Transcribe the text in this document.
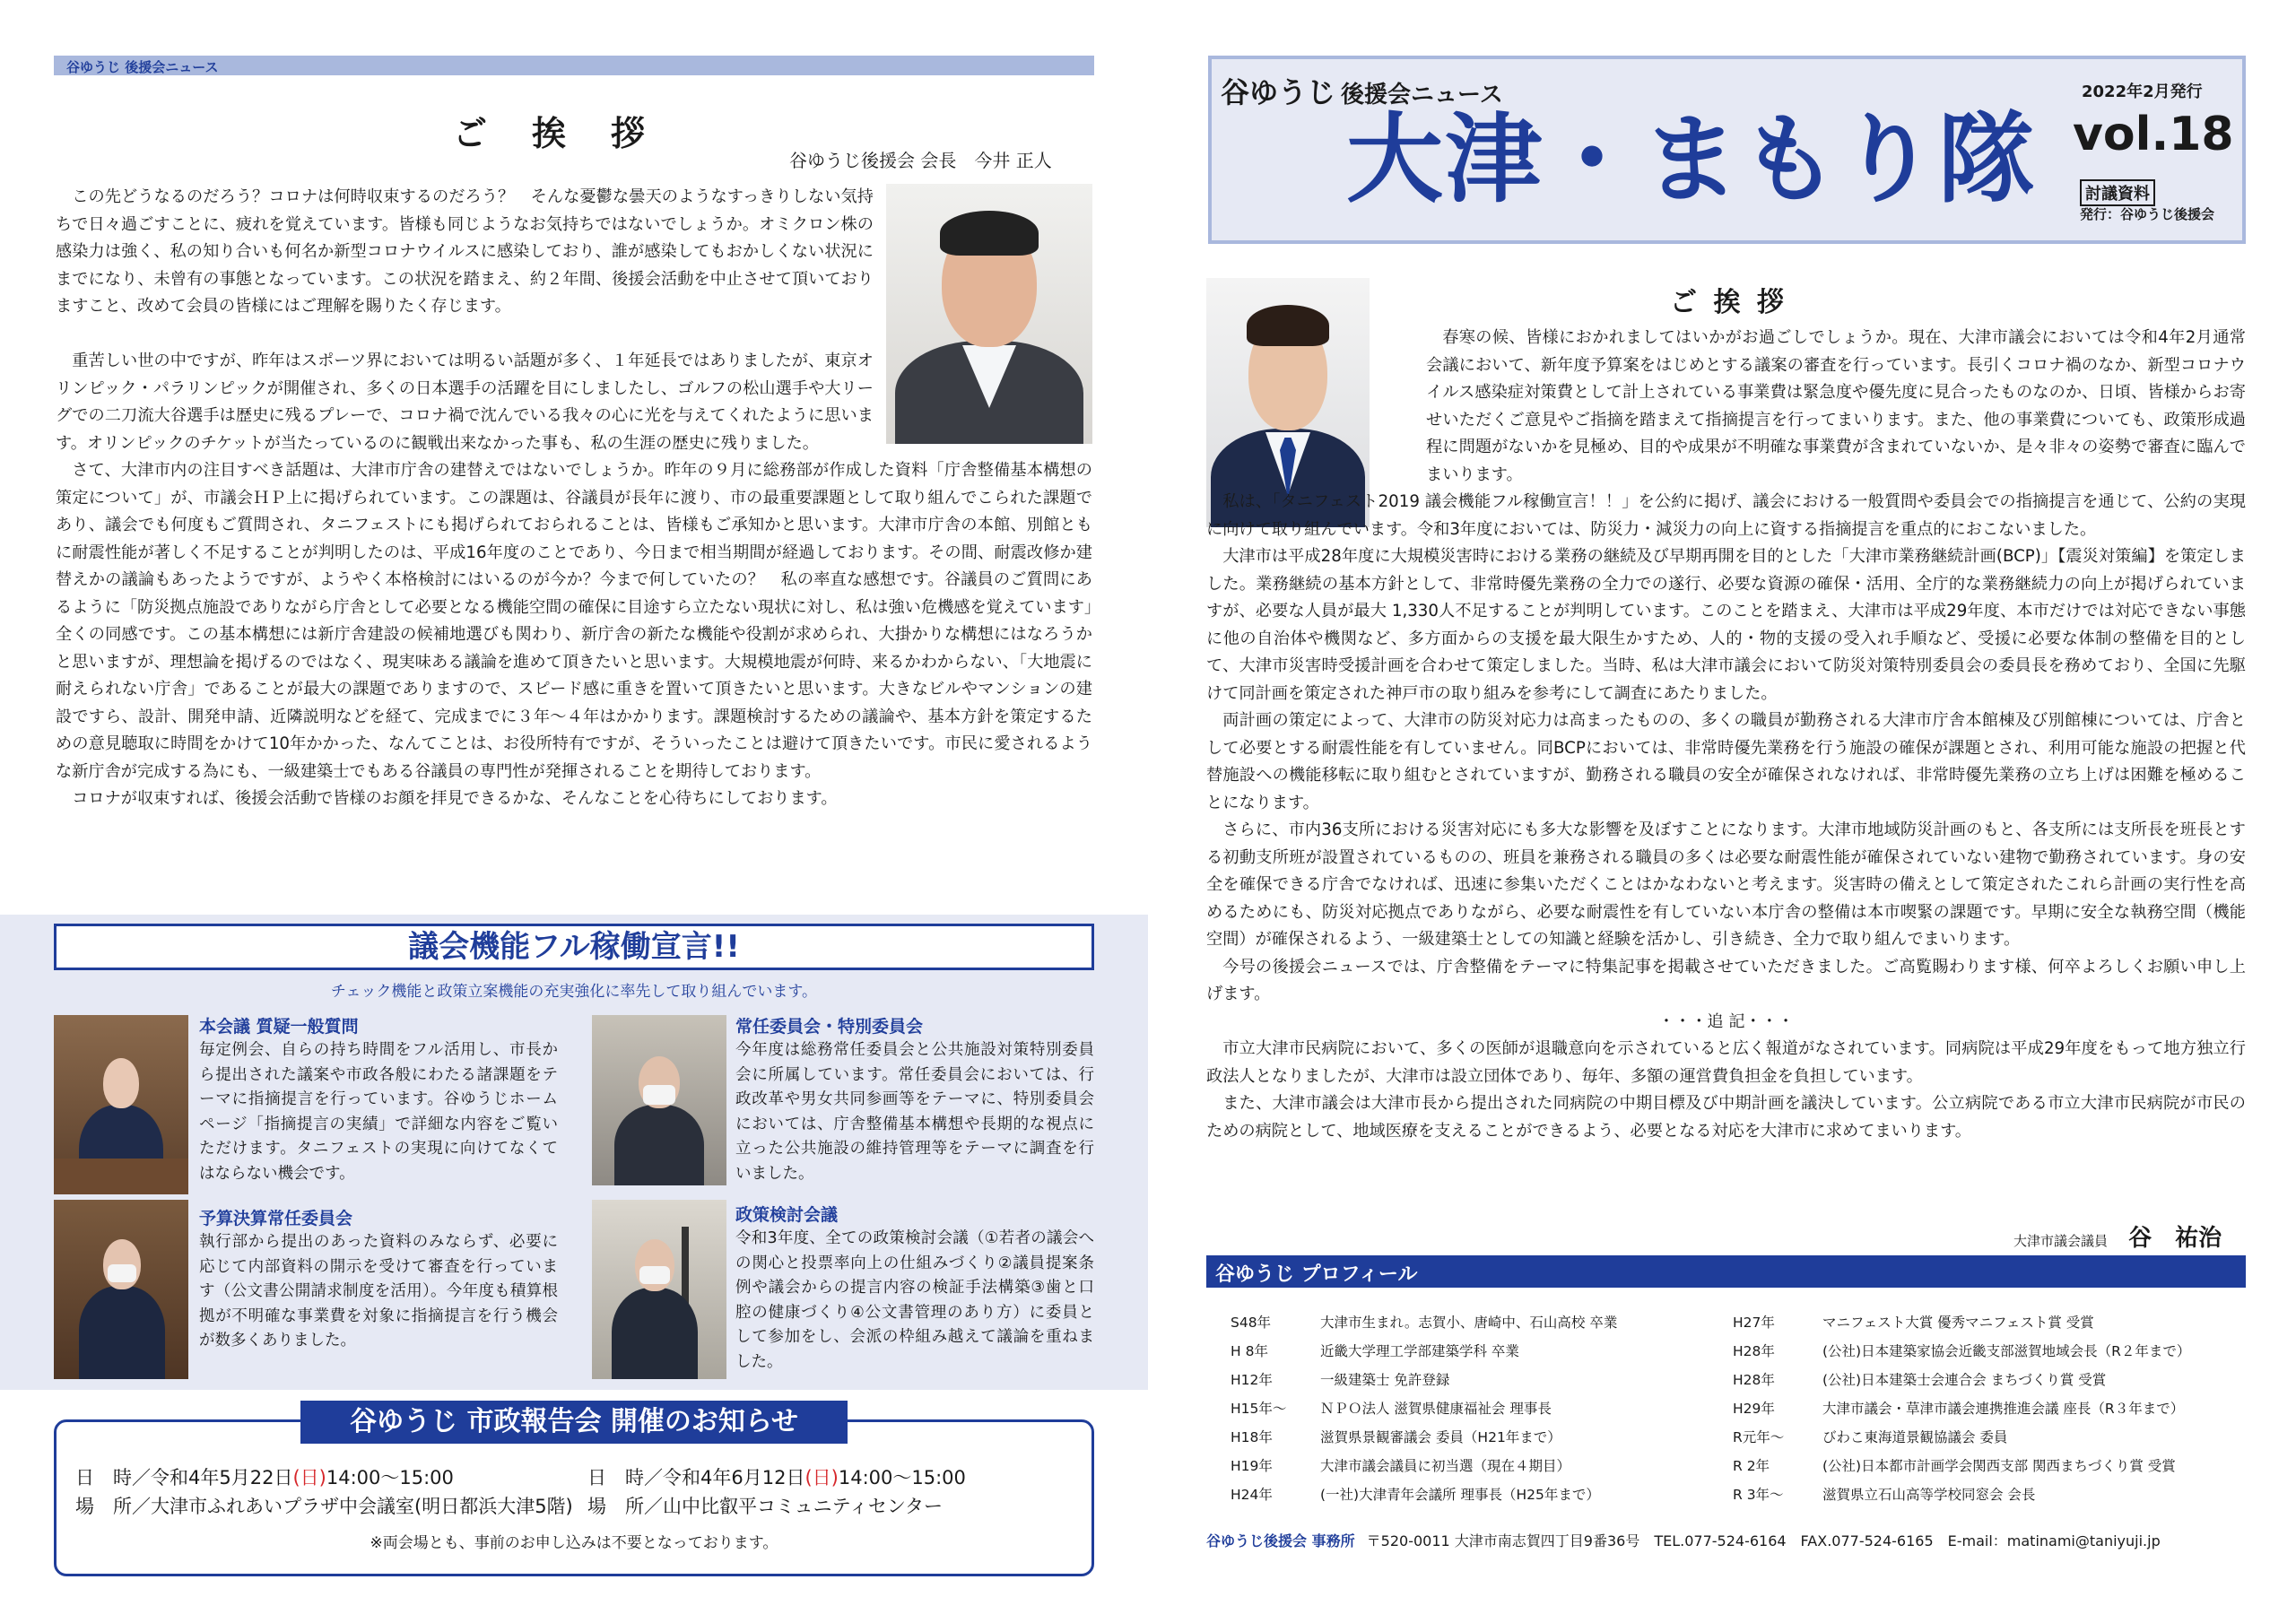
谷ゆうじ 後援会ニュース
ご　挨　拶
谷ゆうじ後援会 会長　今井 正人

この先どうなるのだろう？コロナは何時収束するのだろう？　そんな憂鬱な曇天のようなすっきりしない気持ちで日々過ごすことに、疲れを覚えています。皆様も同じようなお気持ちではないでしょうか。オミクロン株の感染力は強く、私の知り合いも何名か新型コロナウイルスに感染しており、誰が感染してもおかしくない状況にまでになり、未曾有の事態となっています。この状況を踏まえ、約２年間、後援会活動を中止させて頂いておりますこと、改めて会員の皆様にはご理解を賜りたく存じます。

重苦しい世の中ですが、昨年はスポーツ界においては明るい話題が多く、１年延長ではありましたが、東京オリンピック・パラリンピックが開催され、多くの日本選手の活躍を目にしましたし、ゴルフの松山選手や大リーグでの二刀流大谷選手は歴史に残るプレーで、コロナ禍で沈んでいる我々の心に光を与えてくれたように思います。オリンピックのチケットが当たっているのに観戦出来なかった事も、私の生涯の歴史に残りました。

さて、大津市内の注目すべき話題は、大津市庁舎の建替えではないでしょうか。昨年の９月に総務部が作成した資料「庁舎整備基本構想の策定について」が、市議会ＨＰ上に掲げられています。この課題は、谷議員が長年に渡り、市の最重要課題として取り組んでこられた課題であり、議会でも何度もご質問され、タニフェストにも掲げられておられることは、皆様もご承知かと思います。大津市庁舎の本館、別館ともに耐震性能が著しく不足することが判明したのは、平成16年度のことであり、今日まで相当期間が経過しております。その間、耐震改修か建替えかの議論もあったようですが、ようやく本格検討にはいるのが今か？今まで何していたの？　私の率直な感想です。谷議員のご質問にあるように「防災拠点施設でありながら庁舎として必要となる機能空間の確保に目途すら立たない現状に対し、私は強い危機感を覚えています」全くの同感です。この基本構想には新庁舎建設の候補地選びも関わり、新庁舎の新たな機能や役割が求められ、大掛かりな構想にはなろうかと思いますが、理想論を掲げるのではなく、現実味ある議論を進めて頂きたいと思います。大規模地震が何時、来るかわからない、「大地震に耐えられない庁舎」であることが最大の課題でありますので、スピード感に重きを置いて頂きたいと思います。大きなビルやマンションの建設ですら、設計、開発申請、近隣説明などを経て、完成までに３年～４年はかかります。課題検討するための議論や、基本方針を策定するための意見聴取に時間をかけて10年かかった、なんてことは、お役所特有ですが、そういったことは避けて頂きたいです。市民に愛されるような新庁舎が完成する為にも、一級建築士でもある谷議員の専門性が発揮されることを期待しております。

コロナが収束すれば、後援会活動で皆様のお顔を拝見できるかな、そんなことを心待ちにしております。

議会機能フル稼働宣言!!
チェック機能と政策立案機能の充実強化に率先して取り組んでいます。
本会議 質疑一般質問
毎定例会、自らの持ち時間をフル活用し、市長から提出された議案や市政各般にわたる諸課題をテーマに指摘提言を行っています。谷ゆうじホームページ「指摘提言の実績」で詳細な内容をご覧いただけます。タニフェストの実現に向けてなくてはならない機会です。
常任委員会・特別委員会
今年度は総務常任委員会と公共施設対策特別委員会に所属しています。常任委員会においては、行政改革や男女共同参画等をテーマに、特別委員会においては、庁舎整備基本構想や長期的な視点に立った公共施設の維持管理等をテーマに調査を行いました。
予算決算常任委員会
執行部から提出のあった資料のみならず、必要に応じて内部資料の開示を受けて審査を行っています（公文書公開請求制度を活用）。今年度も積算根拠が不明確な事業費を対象に指摘提言を行う機会が数多くありました。
政策検討会議
令和3年度、全ての政策検討会議（①若者の議会への関心と投票率向上の仕組みづくり②議員提案条例や議会からの提言内容の検証手法構築③歯と口腔の健康づくり④公文書管理のあり方）に委員として参加をし、会派の枠組み越えて議論を重ねました。
谷ゆうじ 市政報告会 開催のお知らせ
日　時／令和4年5月22日(日)14:00～15:00
場　所／大津市ふれあいプラザ中会議室(明日都浜大津5階)
日　時／令和4年6月12日(日)14:00～15:00
場　所／山中比叡平コミュニティセンター
※両会場とも、事前のお申し込みは不要となっております。
谷ゆうじ 後援会ニュース
大津・まもり隊
2022年2月発行
vol.18
討議資料
発行：谷ゆうじ後援会
ご 挨 拶

春寒の候、皆様におかれましてはいかがお過ごしでしょうか。現在、大津市議会においては令和4年2月通常会議において、新年度予算案をはじめとする議案の審査を行っています。長引くコロナ禍のなか、新型コロナウイルス感染症対策費として計上されている事業費は緊急度や優先度に見合ったものなのか、日頃、皆様からお寄せいただくご意見やご指摘を踏まえて指摘提言を行ってまいります。また、他の事業費についても、政策形成過程に問題がないかを見極め、目的や成果が不明確な事業費が含まれていないか、是々非々の姿勢で審査に臨んでまいります。

私は、「タニフェスト2019 議会機能フル稼働宣言！！」を公約に掲げ、議会における一般質問や委員会での指摘提言を通じて、公約の実現に向けて取り組んでいます。令和3年度においては、防災力・減災力の向上に資する指摘提言を重点的におこないました。

大津市は平成28年度に大規模災害時における業務の継続及び早期再開を目的とした「大津市業務継続計画(BCP)」【震災対策編】を策定しました。業務継続の基本方針として、非常時優先業務の全力での遂行、必要な資源の確保・活用、全庁的な業務継続力の向上が掲げられていますが、必要な人員が最大 1,330人不足することが判明しています。このことを踏まえ、大津市は平成29年度、本市だけでは対応できない事態に他の自治体や機関など、多方面からの支援を最大限生かすため、人的・物的支援の受入れ手順など、受援に必要な体制の整備を目的として、大津市災害時受援計画を合わせて策定しました。当時、私は大津市議会において防災対策特別委員会の委員長を務めており、全国に先駆けて同計画を策定された神戸市の取り組みを参考にして調査にあたりました。

両計画の策定によって、大津市の防災対応力は高まったものの、多くの職員が勤務される大津市庁舎本館棟及び別館棟については、庁舎として必要とする耐震性能を有していません。同BCPにおいては、非常時優先業務を行う施設の確保が課題とされ、利用可能な施設の把握と代替施設への機能移転に取り組むとされていますが、勤務される職員の安全が確保されなければ、非常時優先業務の立ち上げは困難を極めることになります。

さらに、市内36支所における災害対応にも多大な影響を及ぼすことになります。大津市地域防災計画のもと、各支所には支所長を班長とする初動支所班が設置されているものの、班員を兼務される職員の多くは必要な耐震性能が確保されていない建物で勤務されています。身の安全を確保できる庁舎でなければ、迅速に参集いただくことはかなわないと考えます。災害時の備えとして策定されたこれら計画の実行性を高めるためにも、防災対応拠点でありながら、必要な耐震性を有していない本庁舎の整備は本市喫緊の課題です。早期に安全な執務空間（機能空間）が確保されるよう、一級建築士としての知識と経験を活かし、引き続き、全力で取り組んでまいります。

今号の後援会ニュースでは、庁舎整備をテーマに特集記事を掲載させていただきました。ご高覧賜わります様、何卒よろしくお願い申し上げます。

・・・追 記・・・

市立大津市民病院において、多くの医師が退職意向を示されていると広く報道がなされています。同病院は平成29年度をもって地方独立行政法人となりましたが、大津市は設立団体であり、毎年、多額の運営費負担金を負担しています。

また、大津市議会は大津市長から提出された同病院の中期目標及び中期計画を議決しています。公立病院である市立大津市民病院が市民のための病院として、地域医療を支えることができるよう、必要となる対応を大津市に求めてまいります。

大津市議会議員 谷　祐治
谷ゆうじ プロフィール
S48年	大津市生まれ。志賀小、唐崎中、石山高校 卒業
H 8年	近畿大学理工学部建築学科 卒業
H12年	一級建築士 免許登録
H15年～	ＮＰＯ法人 滋賀県健康福祉会 理事長
H18年	滋賀県景観審議会 委員（H21年まで）
H19年	大津市議会議員に初当選（現在４期目）
H24年	(一社)大津青年会議所 理事長（H25年まで）
H27年	マニフェスト大賞 優秀マニフェスト賞 受賞
H28年	(公社)日本建築家協会近畿支部滋賀地域会長（R２年まで）
H28年	(公社)日本建築士会連合会 まちづくり賞 受賞
H29年	大津市議会・草津市議会連携推進会議 座長（R３年まで）
R元年～	びわこ東海道景観協議会 委員
R 2年	(公社)日本都市計画学会関西支部 関西まちづくり賞 受賞
R 3年～	滋賀県立石山高等学校同窓会 会長
谷ゆうじ後援会 事務所 〒520-0011 大津市南志賀四丁目9番36号　TEL.077-524-6164　FAX.077-524-6165　E-mail：matinami@taniyuji.jp
